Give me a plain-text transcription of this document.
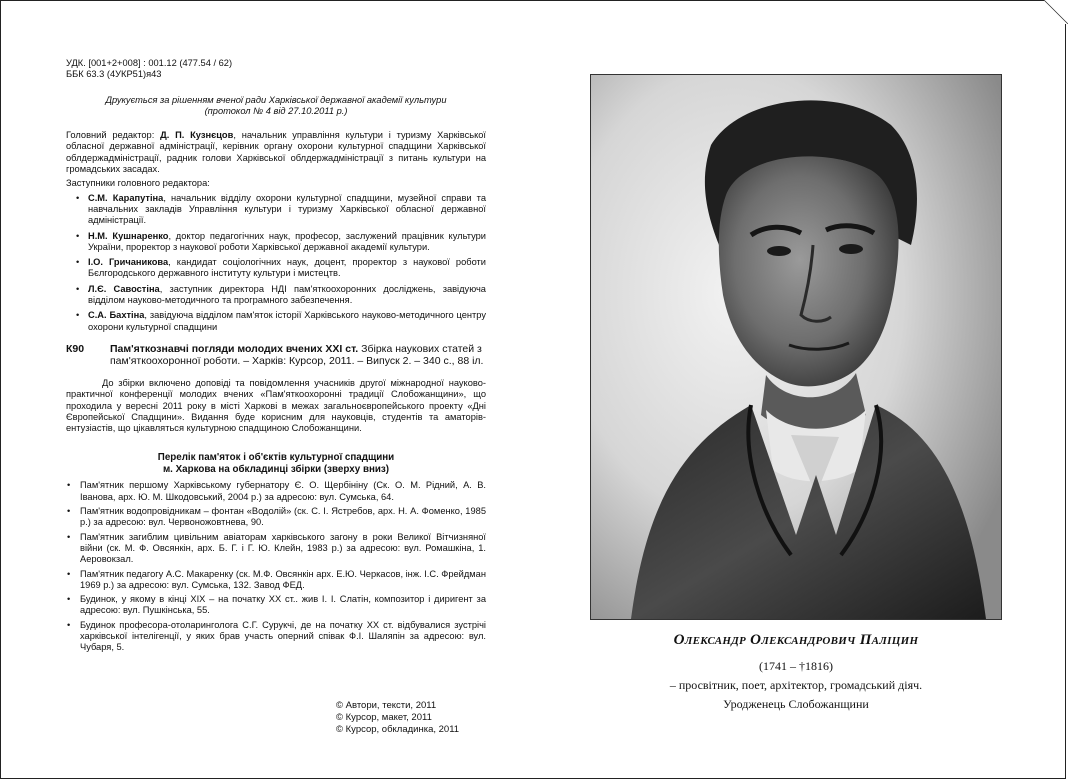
УДК. [001+2+008] : 001.12 (477.54 / 62)
ББК 63.3 (4УКР51)я43
Друкується за рішенням вченої ради Харківської державної академії культури
(протокол № 4 від 27.10.2011 р.)
Головний редактор: Д. П. Кузнєцов, начальник управління культури і туризму Харківської обласної державної адміністрації, керівник органу охорони культурної спадщини Харківської облдержадміністрації, радник голови Харківської облдержадміністрації з питань культури на громадських засадах.
Заступники головного редактора:
• С.М. Карапутіна, начальник відділу охорони культурної спадщини, музейної справи та навчальних закладів Управління культури і туризму Харківської обласної державної адміністрації.
• Н.М. Кушнаренко, доктор педагогічних наук, професор, заслужений працівник культури України, проректор з наукової роботи Харківської державної академії культури.
• І.О. Гричаникова, кандидат соціологічних наук, доцент, проректор з наукової роботи Бєлгородського державного інституту культури і мистецтв.
• Л.Є. Савостіна, заступник директора НДІ пам'яткоохоронних досліджень, завідуюча відділом науково-методичного та програмного забезпечення.
• С.А. Бахтіна, завідуюча відділом пам'яток історії Харківського науково-методичного центру охорони культурної спадщини
К90	Пам'яткознавчі погляди молодих вчених XXI ст. Збірка наукових статей з пам'яткоохоронної роботи. – Харків: Курсор, 2011. – Випуск 2. – 340 с., 88 іл.
До збірки включено доповіді та повідомлення учасників другої міжнародної науково-практичної конференції молодих вчених «Пам'яткоохоронні традиції Слобожанщини», що проходила у вересні 2011 року в місті Харкові в межах загальноєвропейського проекту «Дні Європейської Спадщини». Видання буде корисним для науковців, студентів та аматорів-ентузіастів, що цікавляться культурною спадщиною Слобожанщини.
Перелік пам'яток і об'єктів культурної спадщини
м. Харкова на обкладинці збірки (зверху вниз)
• Пам'ятник першому Харківському губернатору Є. О. Щербініну (Ск. О. М. Рідний, А. В. Іванова, арх. Ю. М. Шкодовський, 2004 р.) за адресою: вул. Сумська, 64.
• Пам'ятник водопровідникам – фонтан «Водолій» (ск. С. І. Ястребов, арх. Н. А. Фоменко, 1985 р.) за адресою: вул. Червоножовтнева, 90.
• Пам'ятник загиблим цивільним авіаторам харківського загону в роки Великої Вітчизняної війни (ск. М. Ф. Овсянкін, арх. Б. Г. і Г. Ю. Клейн, 1983 р.) за адресою: вул. Ромашкіна, 1. Аеровокзал.
• Пам'ятник педагогу А.С. Макаренку (ск. М.Ф. Овсянкін арх. Е.Ю. Черкасов, інж. І.С. Фрейдман 1969 р.) за адресою: вул. Сумська, 132. Завод ФЕД.
• Будинок, у якому в кінці XIX – на початку XX ст.. жив І. І. Слатін, композитор і диригент за адресою: вул. Пушкінська, 55.
• Будинок професора-отоларинголога С.Г. Сурукчі, де на початку XX ст. відбувалися зустрічі харківської інтелігенції, у яких брав участь оперний співак Ф.І. Шаляпін за адресою: вул. Чубаря, 5.
© Автори, тексти, 2011
© Курсор, макет, 2011
© Курсор, обкладинка, 2011
Олександр Олександрович Паліцин
(1741 – †1816)
– просвітник, поет, архітектор, громадський діяч.
Уродженець Слобожанщини
